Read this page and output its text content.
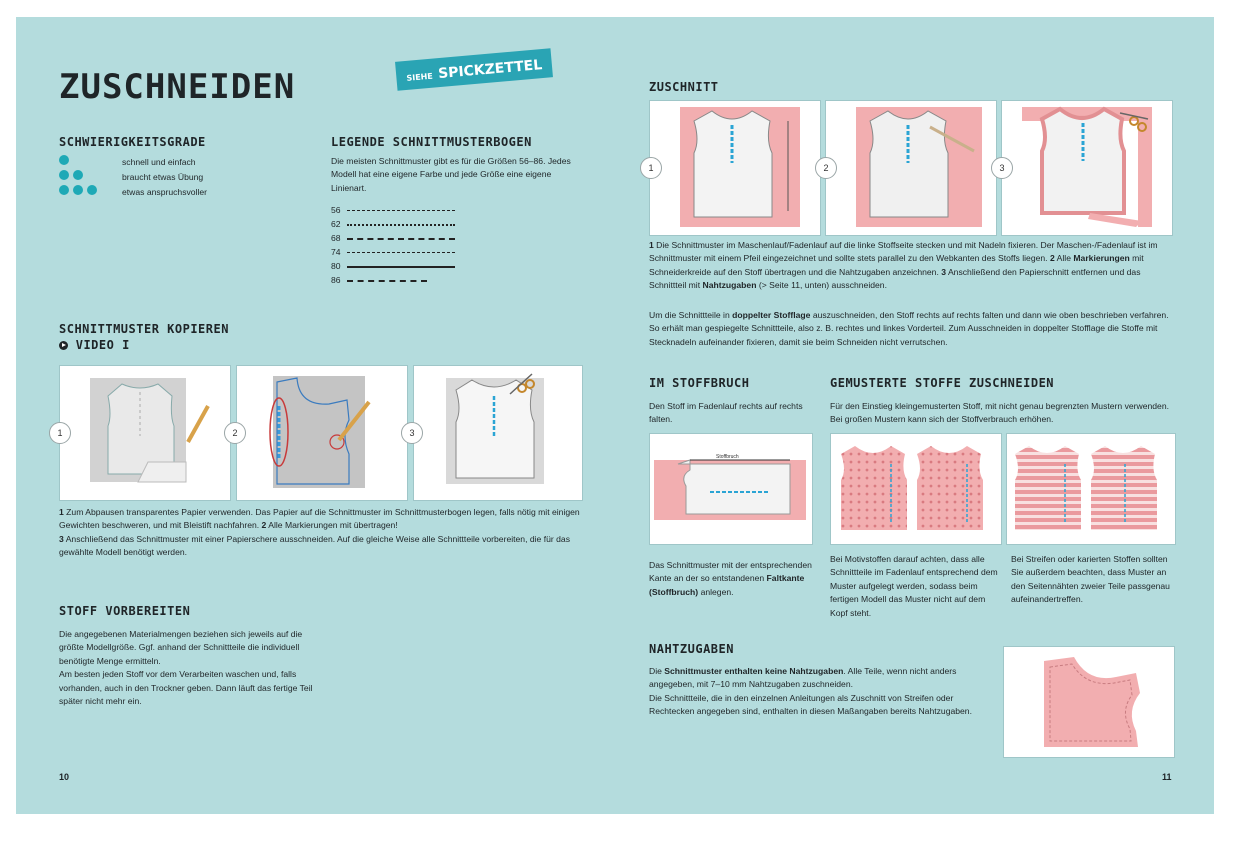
ZUSCHNEIDEN	SIEHE SPICKZETTEL
SCHWIERIGKEITSGRADE
schnell und einfach
braucht etwas Übung
etwas anspruchsvoller
LEGENDE SCHNITTMUSTERBOGEN
Die meisten Schnittmuster gibt es für die Größen 56–86. Jedes Modell hat eine eigene Farbe und jede Größe eine eigene Linienart.
56
62
68
74
80
86
SCHNITTMUSTER KOPIEREN
VIDEO I
1	2	3
1 Zum Abpausen transparentes Papier verwenden. Das Papier auf die Schnittmuster im Schnittmusterbogen legen, falls nötig mit einigen Gewichten beschweren, und mit Bleistift nachfahren. 2 Alle Markierungen mit übertragen!
3 Anschließend das Schnittmuster mit einer Papierschere ausschneiden. Auf die gleiche Weise alle Schnittteile vorbereiten, die für das gewählte Modell benötigt werden.
STOFF VORBEREITEN
Die angegebenen Materialmengen beziehen sich jeweils auf die größte Modellgröße. Ggf. anhand der Schnittteile die individuell benötigte Menge ermitteln.
Am besten jeden Stoff vor dem Verarbeiten waschen und, falls vorhanden, auch in den Trockner geben. Dann läuft das fertige Teil später nicht mehr ein.
10
ZUSCHNITT
1	2	3
1 Die Schnittmuster im Maschenlauf/Fadenlauf auf die linke Stoffseite stecken und mit Nadeln fixieren. Der Maschen-/Fadenlauf ist im Schnittmuster mit einem Pfeil eingezeichnet und sollte stets parallel zu den Webkanten des Stoffs liegen. 2 Alle Markierungen mit Schneiderkreide auf den Stoff übertragen und die Nahtzugaben anzeichnen. 3 Anschließend den Papierschnitt entfernen und das Schnittteil mit Nahtzugaben (> Seite 11, unten) ausschneiden.
Um die Schnittteile in doppelter Stofflage auszuschneiden, den Stoff rechts auf rechts falten und dann wie oben beschrieben verfahren. So erhält man gespiegelte Schnittteile, also z. B. rechtes und linkes Vorderteil. Zum Ausschneiden in doppelter Stofflage die Stoffe mit Stecknadeln aufeinander fixieren, damit sie beim Schneiden nicht verrutschen.
IM STOFFBRUCH
Den Stoff im Fadenlauf rechts auf rechts falten.
Stoffbruch
Das Schnittmuster mit der entsprechenden Kante an der so entstandenen Faltkante (Stoffbruch) anlegen.
GEMUSTERTE STOFFE ZUSCHNEIDEN
Für den Einstieg kleingemusterten Stoff, mit nicht genau begrenzten Mustern verwenden. Bei großen Mustern kann sich der Stoffverbrauch erhöhen.
Bei Motivstoffen darauf achten, dass alle Schnittteile im Fadenlauf entsprechend dem Muster aufgelegt werden, sodass beim fertigen Modell das Muster nicht auf dem Kopf steht.
Bei Streifen oder karierten Stoffen sollten Sie außerdem beachten, dass Muster an den Seitennähten zweier Teile passgenau aufeinandertreffen.
NAHTZUGABEN
Die Schnittmuster enthalten keine Nahtzugaben. Alle Teile, wenn nicht anders angegeben, mit 7–10 mm Nahtzugaben zuschneiden.
Die Schnittteile, die in den einzelnen Anleitungen als Zuschnitt von Streifen oder Rechtecken angegeben sind, enthalten in diesen Maßangaben bereits Nahtzugaben.
11
